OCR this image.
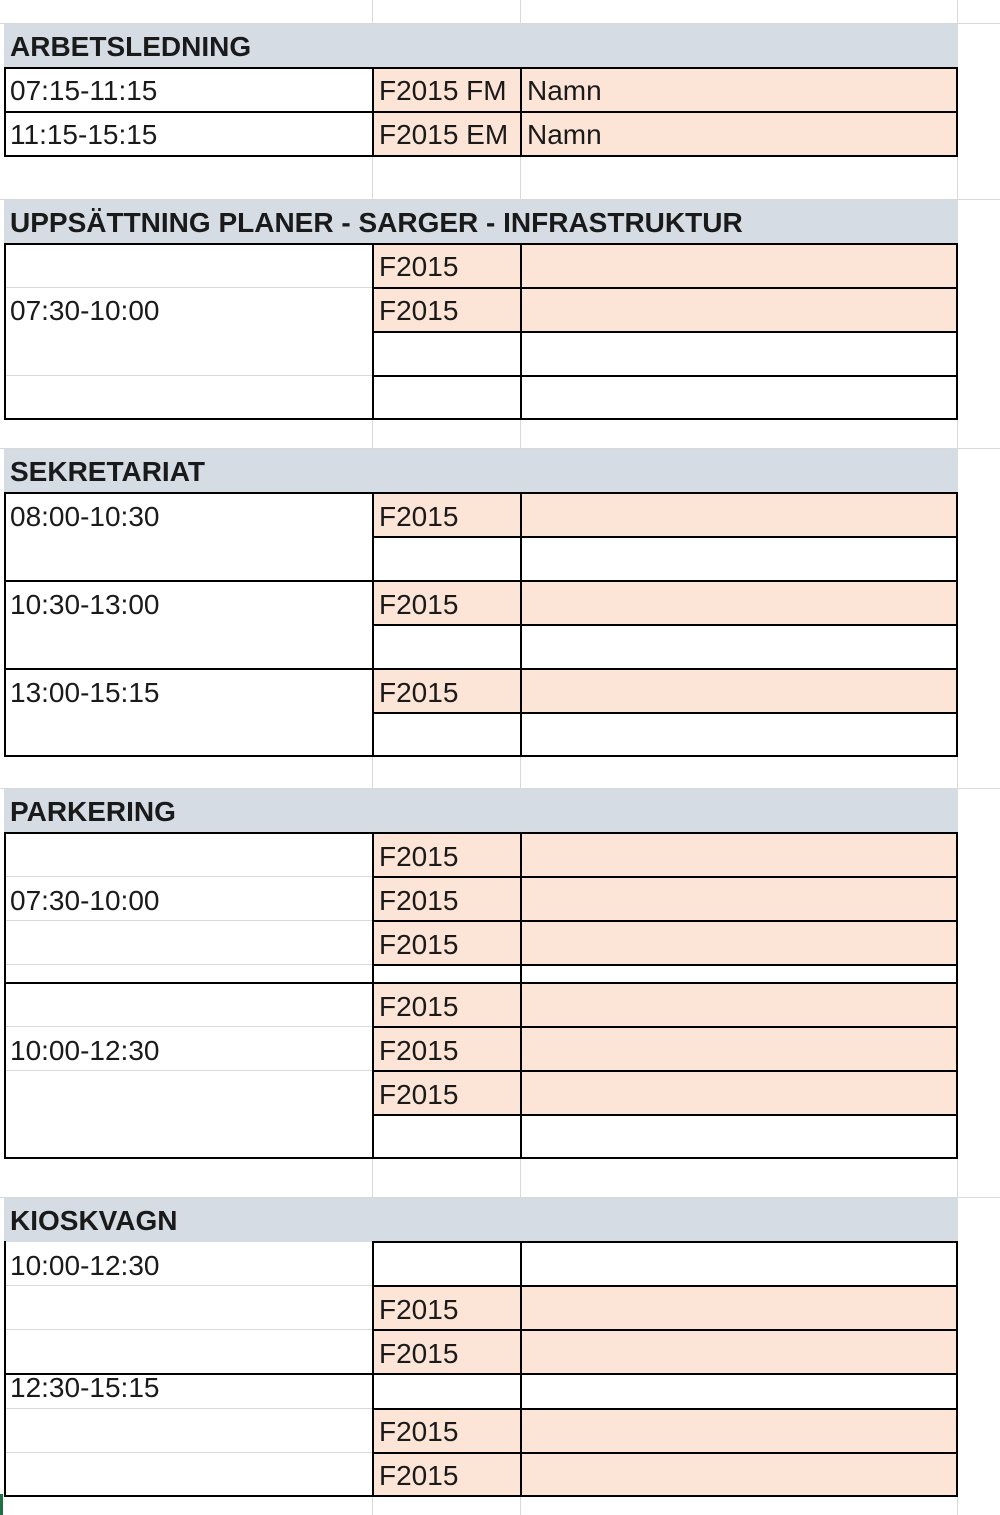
ARBETSLEDNING
UPPSÄTTNING PLANER - SARGER - INFRASTRUKTUR
SEKRETARIAT
PARKERING
KIOSKVAGN
07:15-11:15
11:15-15:15
F2015 FM
F2015 EM
Namn
Namn
07:30-10:00
F2015
F2015
08:00-10:30
10:30-13:00
13:00-15:15
F2015
F2015
F2015
07:30-10:00
10:00-12:30
F2015
F2015
F2015
F2015
F2015
F2015
10:00-12:30
12:30-15:15
F2015
F2015
F2015
F2015
